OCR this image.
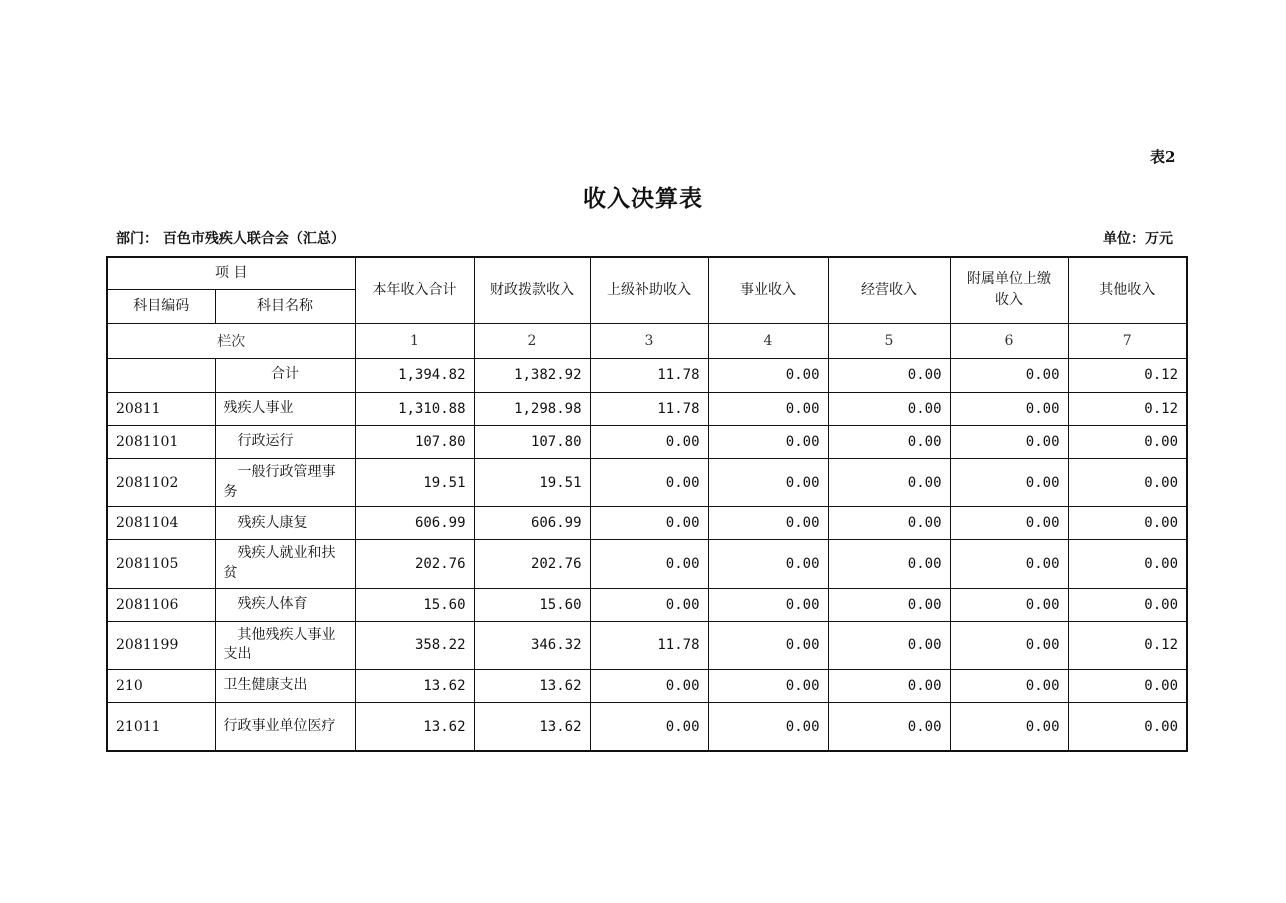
表2
收入决算表
部门： 百色市残疾人联合会（汇总）	单位：万元
项 目		本年收入合计	财政拨款收入	上级补助收入	事业收入	经营收入	附属单位上缴收入	其他收入
科目编码	科目名称							
栏次		1	2	3	4	5	6	7
	合计	1,394.82	1,382.92	11.78	0.00	0.00	0.00	0.12
20811	残疾人事业	1,310.88	1,298.98	11.78	0.00	0.00	0.00	0.12
2081101	行政运行	107.80	107.80	0.00	0.00	0.00	0.00	0.00
2081102	一般行政管理事务	19.51	19.51	0.00	0.00	0.00	0.00	0.00
2081104	残疾人康复	606.99	606.99	0.00	0.00	0.00	0.00	0.00
2081105	残疾人就业和扶贫	202.76	202.76	0.00	0.00	0.00	0.00	0.00
2081106	残疾人体育	15.60	15.60	0.00	0.00	0.00	0.00	0.00
2081199	其他残疾人事业支出	358.22	346.32	11.78	0.00	0.00	0.00	0.12
210	卫生健康支出	13.62	13.62	0.00	0.00	0.00	0.00	0.00
21011	行政事业单位医疗	13.62	13.62	0.00	0.00	0.00	0.00	0.00
